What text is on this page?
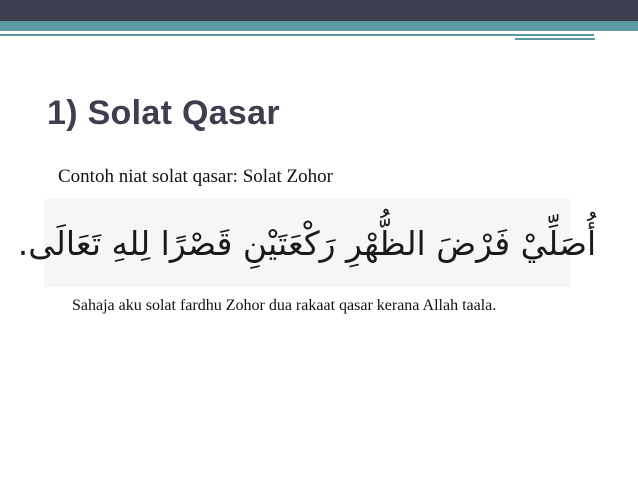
1) Solat Qasar
Contoh niat solat qasar: Solat Zohor
أُصَلِّيْ فَرْضَ الظُّهْرِ رَكْعَتَيْنِ قَصْرًا لِلهِ تَعَالَى.
Sahaja aku solat fardhu Zohor dua rakaat qasar kerana Allah taala.
